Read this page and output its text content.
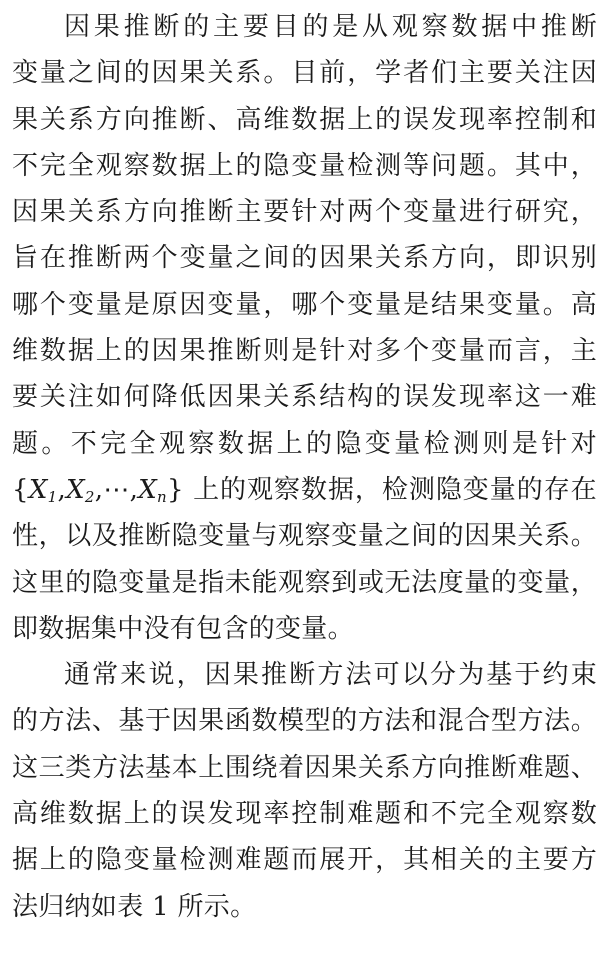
因果推断的主要目的是从观察数据中推断
变量之间的因果关系。目前，学者们主要关注因
果关系方向推断、高维数据上的误发现率控制和
不完全观察数据上的隐变量检测等问题。其中，
因果关系方向推断主要针对两个变量进行研究，
旨在推断两个变量之间的因果关系方向，即识别
哪个变量是原因变量，哪个变量是结果变量。高
维数据上的因果推断则是针对多个变量而言，主
要关注如何降低因果关系结构的误发现率这一难
题。不完全观察数据上的隐变量检测则是针对
$\{X_1,X_2,\cdots,X_n\}$ 上的观察数据，检测隐变量的存在
性，以及推断隐变量与观察变量之间的因果关系。
这里的隐变量是指未能观察到或无法度量的变量，
即数据集中没有包含的变量。
通常来说，因果推断方法可以分为基于约束
的方法、基于因果函数模型的方法和混合型方法。
这三类方法基本上围绕着因果关系方向推断难题、
高维数据上的误发现率控制难题和不完全观察数
据上的隐变量检测难题而展开，其相关的主要方
法归纳如表 1 所示。
